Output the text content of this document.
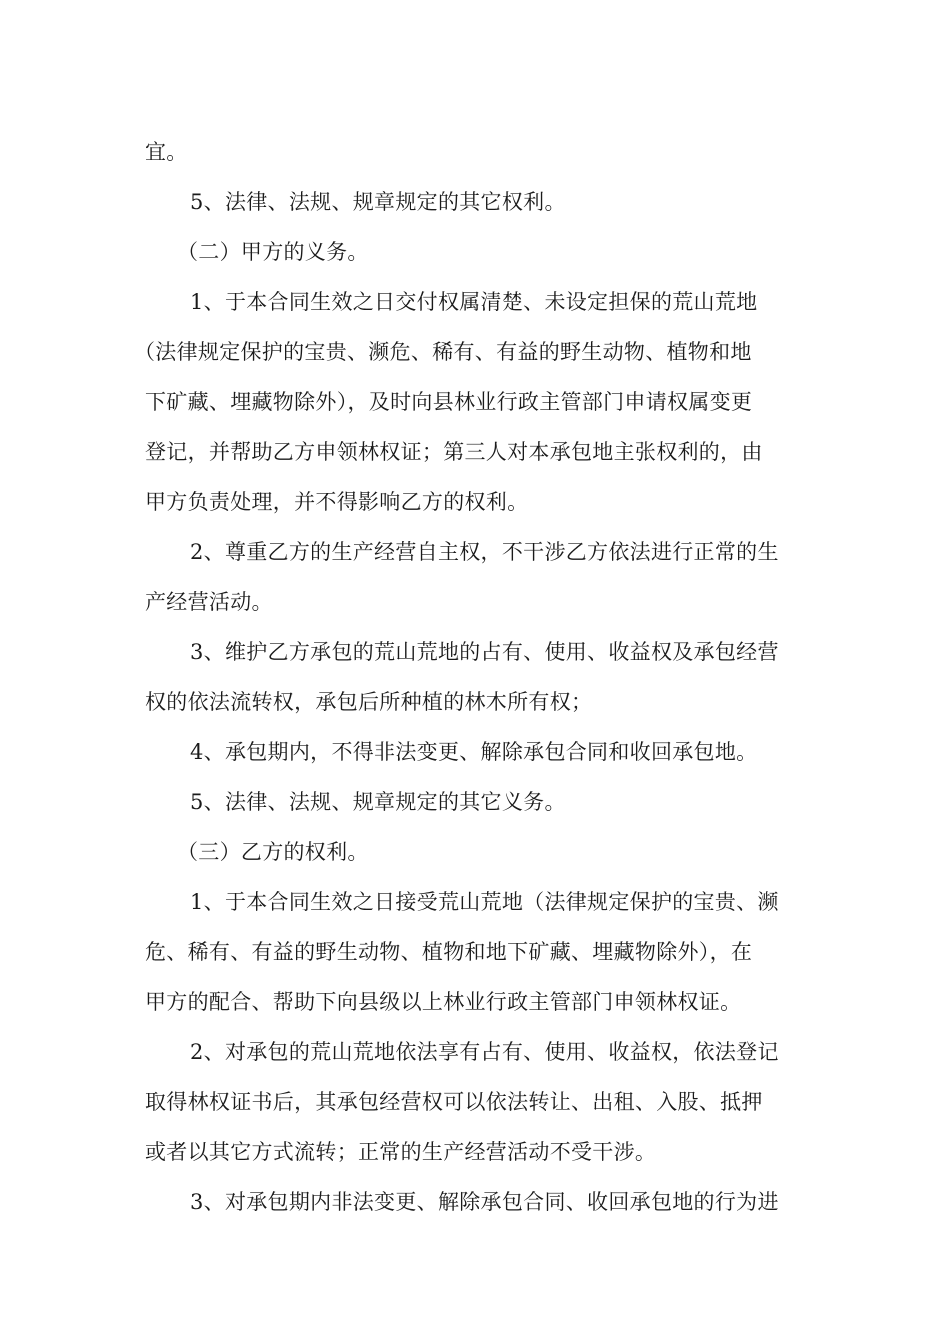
宜。
5、法律、法规、规章规定的其它权利。
（二）甲方的义务。
1、于本合同生效之日交付权属清楚、未设定担保的荒山荒地
（法律规定保护的宝贵、濒危、稀有、有益的野生动物、植物和地
下矿藏、埋藏物除外），及时向县林业行政主管部门申请权属变更
登记，并帮助乙方申领林权证；第三人对本承包地主张权利的，由
甲方负责处理，并不得影响乙方的权利。
2、尊重乙方的生产经营自主权，不干涉乙方依法进行正常的生
产经营活动。
3、维护乙方承包的荒山荒地的占有、使用、收益权及承包经营
权的依法流转权，承包后所种植的林木所有权；
4、承包期内，不得非法变更、解除承包合同和收回承包地。
5、法律、法规、规章规定的其它义务。
（三）乙方的权利。
1、于本合同生效之日接受荒山荒地（法律规定保护的宝贵、濒
危、稀有、有益的野生动物、植物和地下矿藏、埋藏物除外），在
甲方的配合、帮助下向县级以上林业行政主管部门申领林权证。
2、对承包的荒山荒地依法享有占有、使用、收益权，依法登记
取得林权证书后，其承包经营权可以依法转让、出租、入股、抵押
或者以其它方式流转；正常的生产经营活动不受干涉。
3、对承包期内非法变更、解除承包合同、收回承包地的行为进
